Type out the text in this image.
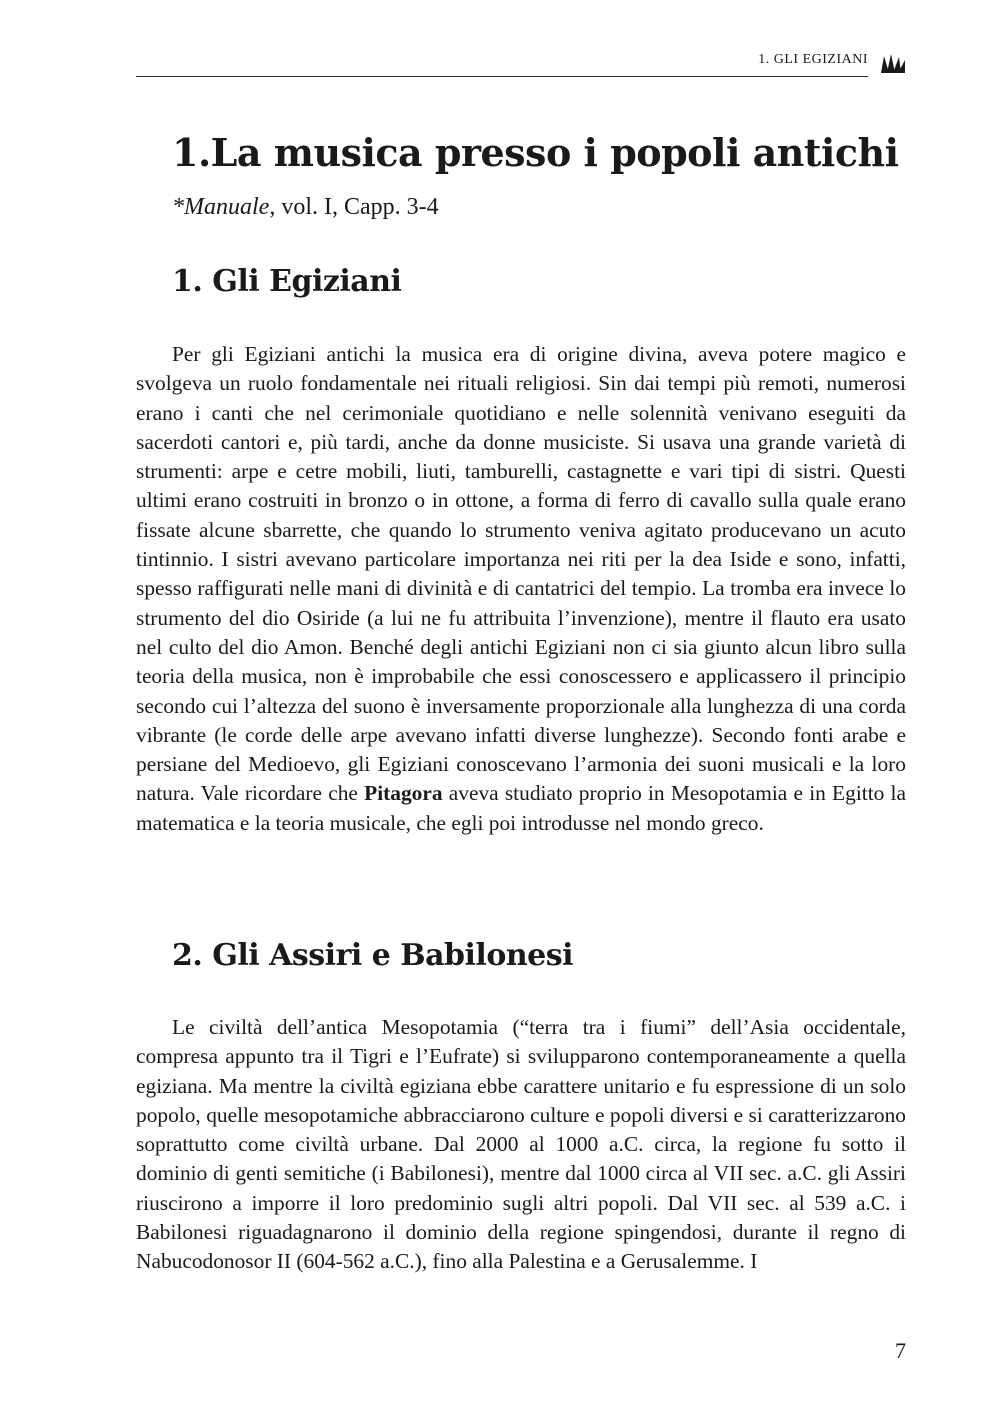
1. GLI EGIZIANI
1.La musica presso i popoli antichi
*Manuale, vol. I, Capp. 3-4
1. Gli Egiziani

Per gli Egiziani antichi la musica era di origine divina, aveva potere magico e svolgeva un ruolo fondamentale nei rituali religiosi. Sin dai tempi più remoti, numerosi erano i canti che nel cerimoniale quotidiano e nelle solennità venivano eseguiti da sacerdoti cantori e, più tardi, anche da donne musiciste. Si usava una grande varietà di strumenti: arpe e cetre mobili, liuti, tamburelli, castagnette e vari tipi di sistri. Questi ultimi erano costruiti in bronzo o in ottone, a forma di ferro di cavallo sulla quale erano fissate alcune sbarrette, che quando lo strumento veniva agitato producevano un acuto tintinnio. I sistri avevano particolare importanza nei riti per la dea Iside e sono, infatti, spesso raffigurati nelle mani di divinità e di cantatrici del tempio. La tromba era invece lo strumento del dio Osiride (a lui ne fu attribuita l’invenzione), mentre il flauto era usato nel culto del dio Amon. Benché degli antichi Egiziani non ci sia giunto alcun libro sulla teoria della musica, non è improbabile che essi conoscessero e applicassero il principio secondo cui l’altezza del suono è inversamente proporzionale alla lunghezza di una corda vibrante (le corde delle arpe avevano infatti diverse lunghezze). Secondo fonti arabe e persiane del Medioevo, gli Egiziani conoscevano l’armonia dei suoni musicali e la loro natura. Vale ricordare che Pitagora aveva studiato proprio in Mesopotamia e in Egitto la matematica e la teoria musicale, che egli poi introdusse nel mondo greco.

2. Gli Assiri e Babilonesi

Le civiltà dell’antica Mesopotamia (“terra tra i fiumi” dell’Asia occidentale, compresa appunto tra il Tigri e l’Eufrate) si svilupparono contemporaneamente a quella egiziana. Ma mentre la civiltà egiziana ebbe carattere unitario e fu espressione di un solo popolo, quelle mesopotamiche abbracciarono culture e popoli diversi e si caratterizzarono soprattutto come civiltà urbane. Dal 2000 al 1000 a.C. circa, la regione fu sotto il dominio di genti semitiche (i Babilonesi), mentre dal 1000 circa al VII sec. a.C. gli Assiri riuscirono a imporre il loro predominio sugli altri popoli. Dal VII sec. al 539 a.C. i Babilonesi riguadagnarono il dominio della regione spingendosi, durante il regno di Nabucodonosor II (604-562 a.C.), fino alla Palestina e a Gerusalemme. I

7
